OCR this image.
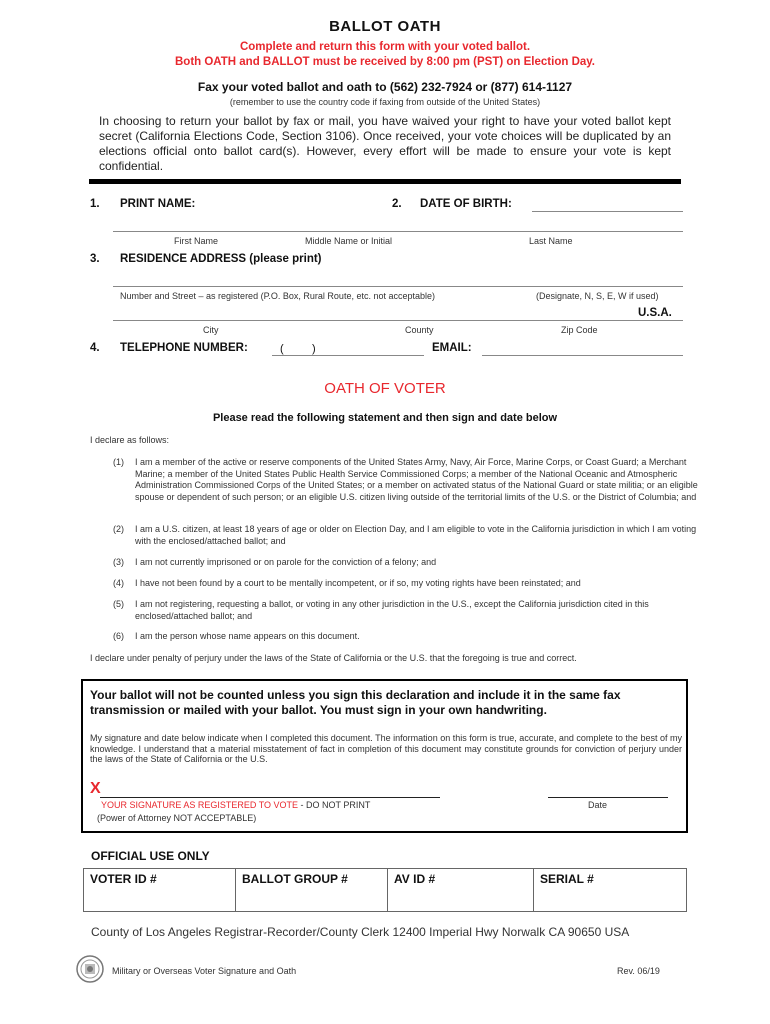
BALLOT OATH
Complete and return this form with your voted ballot.
Both OATH and BALLOT must be received by 8:00 pm (PST) on Election Day.
Fax your voted ballot and oath to (562) 232-7924 or (877) 614-1127
(remember to use the country code if faxing from outside of the United States)
In choosing to return your ballot by fax or mail, you have waived your right to have your voted ballot kept secret (California Elections Code, Section 3106). Once received, your vote choices will be duplicated by an elections official onto ballot card(s). However, every effort will be made to ensure your vote is kept confidential.
1. PRINT NAME:	2. DATE OF BIRTH:
First Name	Middle Name or Initial	Last Name
3. RESIDENCE ADDRESS (please print)
Number and Street – as registered (P.O. Box, Rural Route, etc. not acceptable)	(Designate, N, S, E, W if used)
U.S.A.
City	County	Zip Code
4. TELEPHONE NUMBER:	(	)	EMAIL:
OATH OF VOTER
Please read the following statement and then sign and date below
I declare as follows:
(1) I am a member of the active or reserve components of the United States Army, Navy, Air Force, Marine Corps, or Coast Guard; a Merchant Marine; a member of the United States Public Health Service Commissioned Corps; a member of the National Oceanic and Atmospheric Administration Commissioned Corps of the United States; or a member on activated status of the National Guard or state militia; or an eligible spouse or dependent of such person; or an eligible U.S. citizen living outside of the territorial limits of the U.S. or the District of Columbia; and
(2) I am a U.S. citizen, at least 18 years of age or older on Election Day, and I am eligible to vote in the California jurisdiction in which I am voting with the enclosed/attached ballot; and
(3) I am not currently imprisoned or on parole for the conviction of a felony; and
(4) I have not been found by a court to be mentally incompetent, or if so, my voting rights have been reinstated; and
(5) I am not registering, requesting a ballot, or voting in any other jurisdiction in the U.S., except the California jurisdiction cited in this enclosed/attached ballot; and
(6) I am the person whose name appears on this document.
I declare under penalty of perjury under the laws of the State of California or the U.S. that the foregoing is true and correct.
Your ballot will not be counted unless you sign this declaration and include it in the same fax transmission or mailed with your ballot. You must sign in your own handwriting.
My signature and date below indicate when I completed this document. The information on this form is true, accurate, and complete to the best of my knowledge. I understand that a material misstatement of fact in completion of this document may constitute grounds for conviction of perjury under the laws of the State of California or the U.S.
X
YOUR SIGNATURE AS REGISTERED TO VOTE - DO NOT PRINT
(Power of Attorney NOT ACCEPTABLE)
Date
OFFICIAL USE ONLY
VOTER ID #	BALLOT GROUP #	AV ID #	SERIAL #
County of Los Angeles Registrar-Recorder/County Clerk 12400 Imperial Hwy Norwalk CA 90650 USA
Military or Overseas Voter Signature and Oath	Rev. 06/19
